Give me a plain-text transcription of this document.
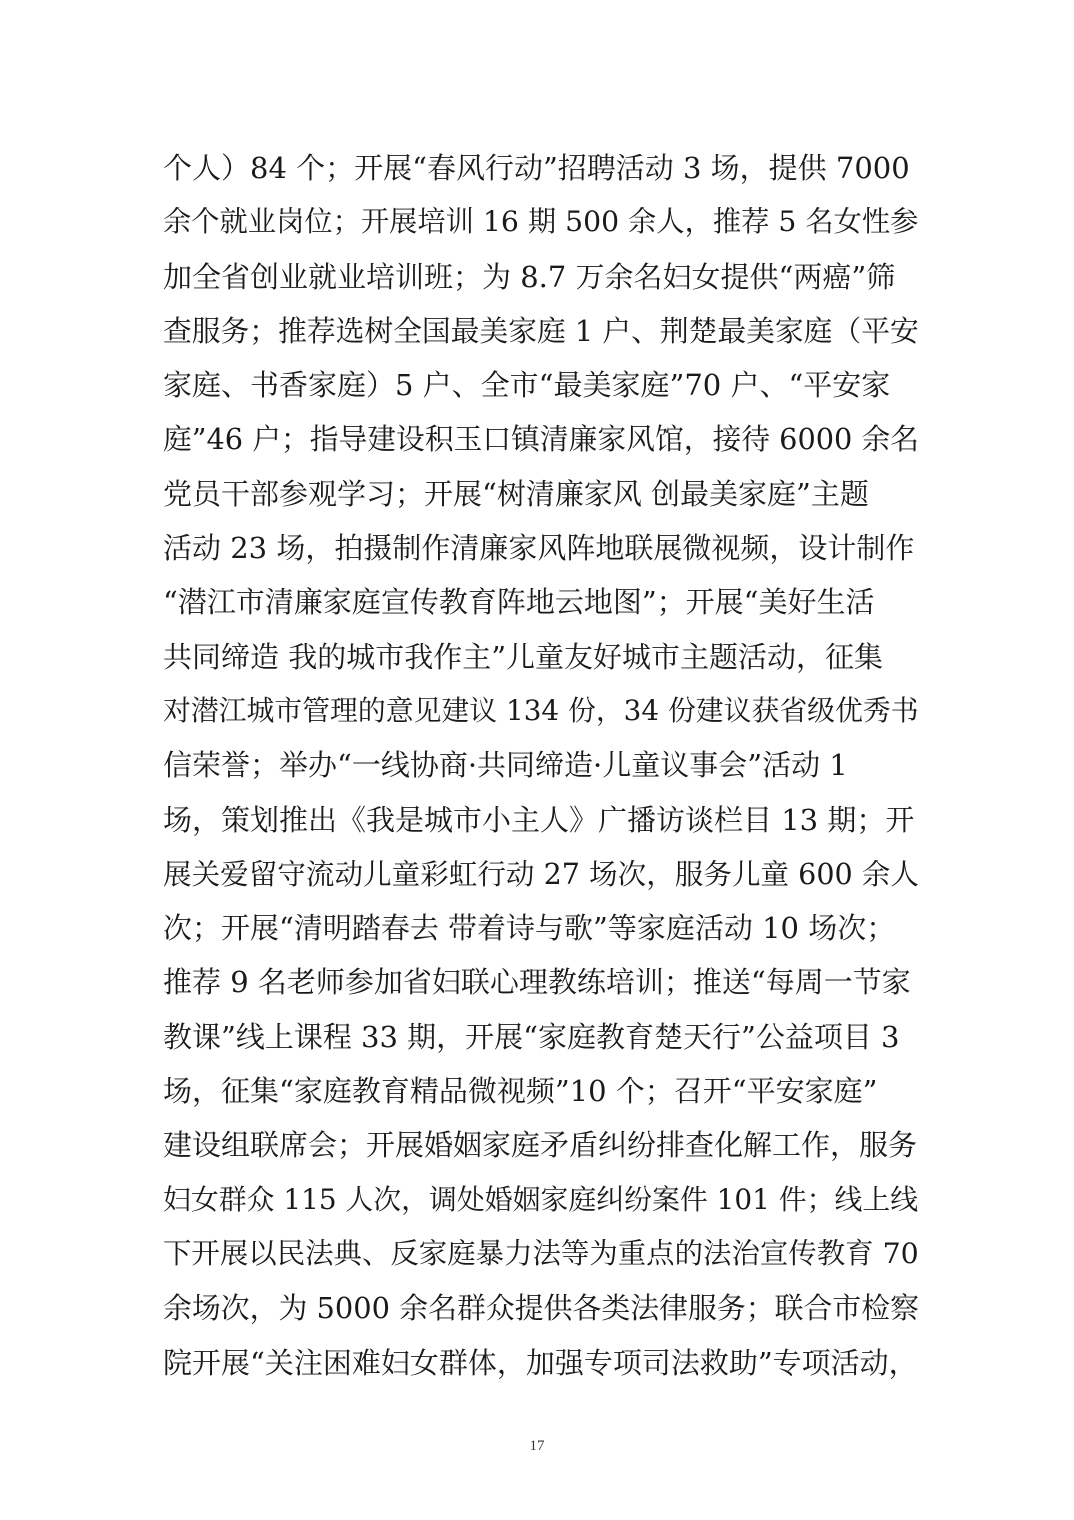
个人）84 个；开展“春风行动”招聘活动 3 场，提供 7000
余个就业岗位；开展培训 16 期 500 余人，推荐 5 名女性参
加全省创业就业培训班；为 8.7 万余名妇女提供“两癌”筛
查服务；推荐选树全国最美家庭 1 户、荆楚最美家庭（平安
家庭、书香家庭）5 户、全市“最美家庭”70 户、“平安家
庭”46 户；指导建设积玉口镇清廉家风馆，接待 6000 余名
党员干部参观学习；开展“树清廉家风 创最美家庭”主题
活动 23 场，拍摄制作清廉家风阵地联展微视频，设计制作
“潜江市清廉家庭宣传教育阵地云地图”；开展“美好生活
共同缔造 我的城市我作主”儿童友好城市主题活动，征集
对潜江城市管理的意见建议 134 份，34 份建议获省级优秀书
信荣誉；举办“一线协商·共同缔造·儿童议事会”活动 1
场，策划推出《我是城市小主人》广播访谈栏目 13 期；开
展关爱留守流动儿童彩虹行动 27 场次，服务儿童 600 余人
次；开展“清明踏春去 带着诗与歌”等家庭活动 10 场次；
推荐 9 名老师参加省妇联心理教练培训；推送“每周一节家
教课”线上课程 33 期，开展“家庭教育楚天行”公益项目 3
场，征集“家庭教育精品微视频”10 个；召开“平安家庭”
建设组联席会；开展婚姻家庭矛盾纠纷排查化解工作，服务
妇女群众 115 人次，调处婚姻家庭纠纷案件 101 件；线上线
下开展以民法典、反家庭暴力法等为重点的法治宣传教育 70
余场次，为 5000 余名群众提供各类法律服务；联合市检察
院开展“关注困难妇女群体，加强专项司法救助”专项活动，
17
